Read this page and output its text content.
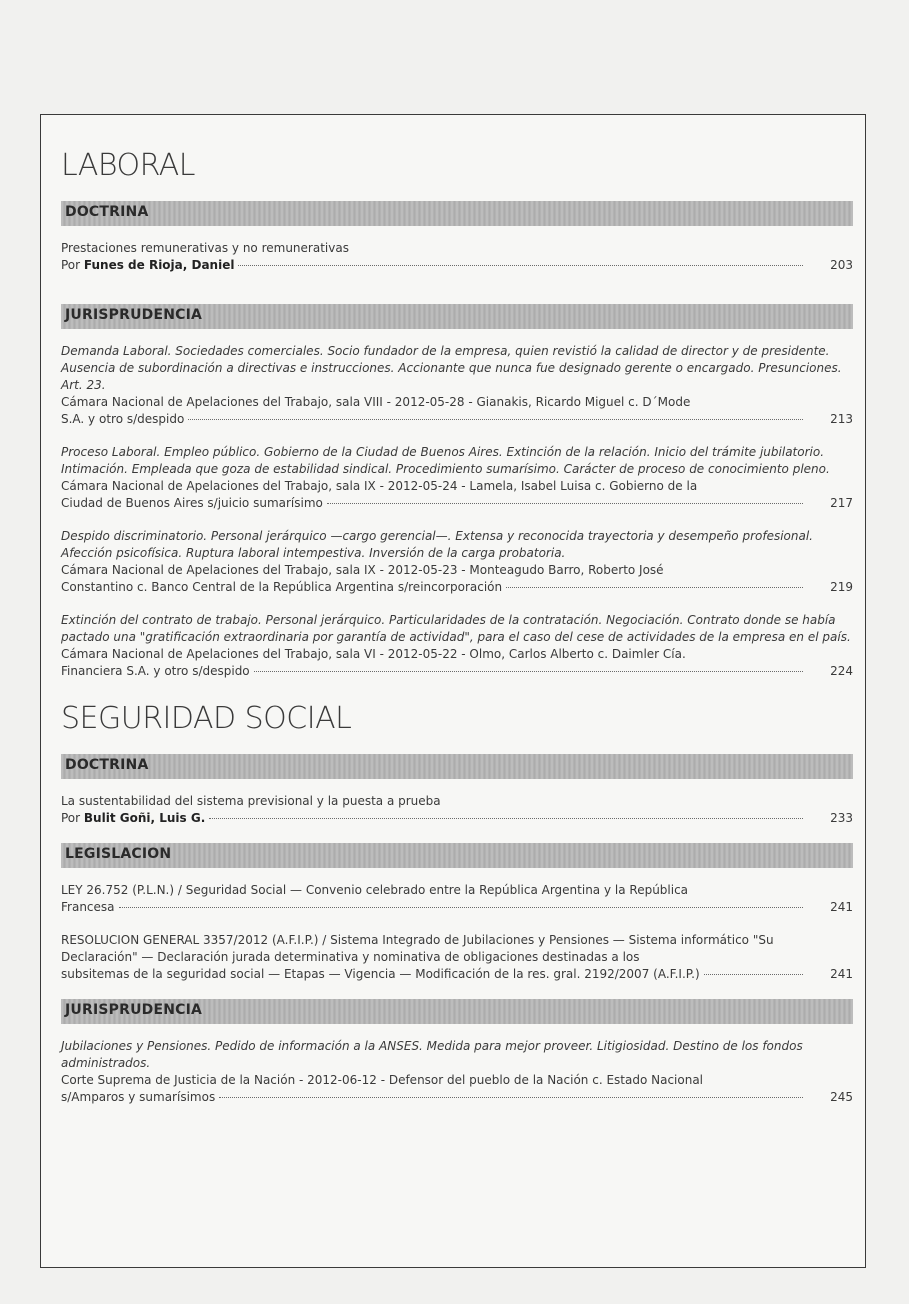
LABORAL
DOCTRINA
Prestaciones remunerativas y no remunerativas
Por Funes de Rioja, Daniel	203
JURISPRUDENCIA
Demanda Laboral. Sociedades comerciales. Socio fundador de la empresa, quien revistió la calidad de director y de presidente. Ausencia de subordinación a directivas e instrucciones. Accionante que nunca fue designado gerente o encargado. Presunciones. Art. 23.
Cámara Nacional de Apelaciones del Trabajo, sala VIII - 2012-05-28 - Gianakis, Ricardo Miguel c. D´Mode
S.A. y otro s/despido	213
Proceso Laboral. Empleo público. Gobierno de la Ciudad de Buenos Aires. Extinción de la relación. Inicio del trámite jubilatorio. Intimación. Empleada que goza de estabilidad sindical. Procedimiento sumarísimo. Carácter de proceso de conocimiento pleno.
Cámara Nacional de Apelaciones del Trabajo, sala IX - 2012-05-24 - Lamela, Isabel Luisa c. Gobierno de la
Ciudad de Buenos Aires s/juicio sumarísimo	217
Despido discriminatorio. Personal jerárquico —cargo gerencial—. Extensa y reconocida trayectoria y desempeño profesional. Afección psicofísica. Ruptura laboral intempestiva. Inversión de la carga probatoria.
Cámara Nacional de Apelaciones del Trabajo, sala IX - 2012-05-23 - Monteagudo Barro, Roberto José
Constantino c. Banco Central de la República Argentina s/reincorporación	219
Extinción del contrato de trabajo. Personal jerárquico. Particularidades de la contratación. Negociación. Contrato donde se había pactado una "gratificación extraordinaria por garantía de actividad", para el caso del cese de actividades de la empresa en el país.
Cámara Nacional de Apelaciones del Trabajo, sala VI - 2012-05-22 - Olmo, Carlos Alberto c. Daimler Cía.
Financiera S.A. y otro s/despido	224
SEGURIDAD SOCIAL
DOCTRINA
La sustentabilidad del sistema previsional y la puesta a prueba
Por Bulit Goñi, Luis G.	233
LEGISLACION
LEY 26.752 (P.L.N.) / Seguridad Social — Convenio celebrado entre la República Argentina y la República
Francesa	241
RESOLUCION GENERAL 3357/2012 (A.F.I.P.) / Sistema Integrado de Jubilaciones y Pensiones — Sistema informático "Su Declaración" — Declaración jurada determinativa y nominativa de obligaciones destinadas a los
subsitemas de la seguridad social — Etapas — Vigencia — Modificación de la res. gral. 2192/2007 (A.F.I.P.)	241
JURISPRUDENCIA
Jubilaciones y Pensiones. Pedido de información a la ANSES. Medida para mejor proveer. Litigiosidad. Destino de los fondos administrados.
Corte Suprema de Justicia de la Nación - 2012-06-12 - Defensor del pueblo de la Nación c. Estado Nacional
s/Amparos y sumarísimos	245
